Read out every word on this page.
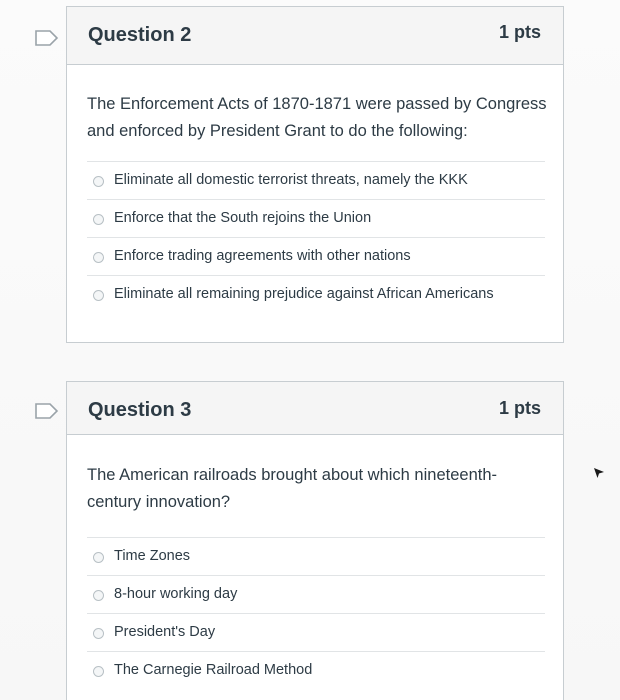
Question 2	1 pts
The Enforcement Acts of 1870-1871 were passed by Congress and enforced by President Grant to do the following:
Eliminate all domestic terrorist threats, namely the KKK
Enforce that the South rejoins the Union
Enforce trading agreements with other nations
Eliminate all remaining prejudice against African Americans
Question 3	1 pts
The American railroads brought about which nineteenth-century innovation?
Time Zones
8-hour working day
President's Day
The Carnegie Railroad Method
